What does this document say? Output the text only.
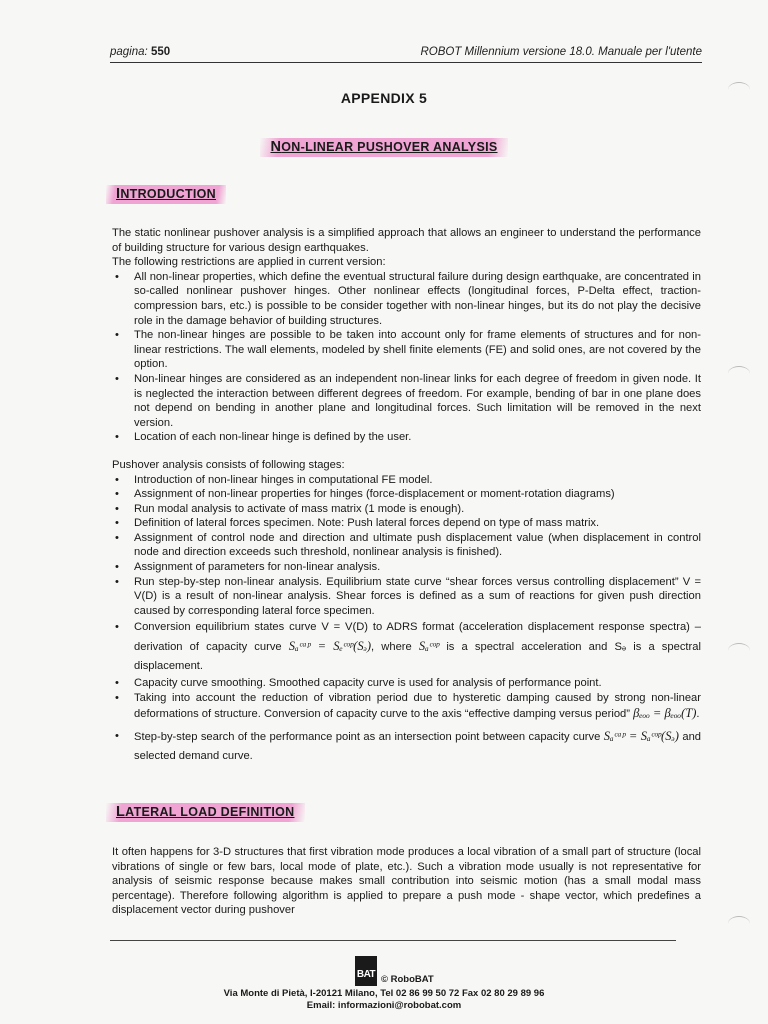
pagina: 550	ROBOT Millennium versione 18.0. Manuale per l'utente
APPENDIX 5
NON-LINEAR PUSHOVER ANALYSIS
INTRODUCTION

The static nonlinear pushover analysis is a simplified approach that allows an engineer to understand the performance of building structure for various design earthquakes.

The following restrictions are applied in current version:

• All non-linear properties, which define the eventual structural failure during design earthquake, are concentrated in so-called nonlinear pushover hinges. Other nonlinear effects (longitudinal forces, P-Delta effect, traction-compression bars, etc.) is possible to be consider together with non-linear hinges, but its do not play the decisive role in the damage behavior of building structures.
• The non-linear hinges are possible to be taken into account only for frame elements of structures and for non-linear restrictions. The wall elements, modeled by shell finite elements (FE) and solid ones, are not covered by the option.
• Non-linear hinges are considered as an independent non-linear links for each degree of freedom in given node. It is neglected the interaction between different degrees of freedom. For example, bending of bar in one plane does not depend on bending in another plane and longitudinal forces. Such limitation will be removed in the next version.
• Location of each non-linear hinge is defined by the user.

Pushover analysis consists of following stages:

• Introduction of non-linear hinges in computational FE model.
• Assignment of non-linear properties for hinges (force-displacement or moment-rotation diagrams)
• Run modal analysis to activate of mass matrix (1 mode is enough).
• Definition of lateral forces specimen. Note: Push lateral forces depend on type of mass matrix.
• Assignment of control node and direction and ultimate push displacement value (when displacement in control node and direction exceeds such threshold, nonlinear analysis is finished).
• Assignment of parameters for non-linear analysis.
• Run step-by-step non-linear analysis. Equilibrium state curve “shear forces versus controlling displacement” V = V(D) is a result of non-linear analysis. Shear forces is defined as a sum of reactions for given push direction caused by corresponding lateral force specimen.
• Conversion equilibrium states curve V = V(D) to ADRS format (acceleration displacement response spectra) – derivation of capacity curve Sₐᶜᵃᵖ = Sₑᶜᵒᵖ(Sₔ), where Sₐᶜᵒᵖ is a spectral acceleration and Sₔ is a spectral displacement.
• Capacity curve smoothing. Smoothed capacity curve is used for analysis of performance point.
• Taking into account the reduction of vibration period due to hysteretic damping caused by strong non-linear deformations of structure. Conversion of capacity curve to the axis “effective damping versus period” βₑₒₒ = βₑₒₒ(T).
• Step-by-step search of the performance point as an intersection point between capacity curve Sₐᶜᵃᵖ = Sₐᶜᵒᵖ(Sₔ) and selected demand curve.
LATERAL LOAD DEFINITION

It often happens for 3-D structures that first vibration mode produces a local vibration of a small part of structure (local vibrations of single or few bars, local mode of plate, etc.). Such a vibration mode usually is not representative for analysis of seismic response because makes small contribution into seismic motion (has a small modal mass percentage). Therefore following algorithm is applied to prepare a push mode - shape vector, which predefines a displacement vector during pushover

BAT © RoboBAT
Via Monte di Pietà, I-20121 Milano, Tel 02 86 99 50 72 Fax 02 80 29 89 96
Email: informazioni@robobat.com
